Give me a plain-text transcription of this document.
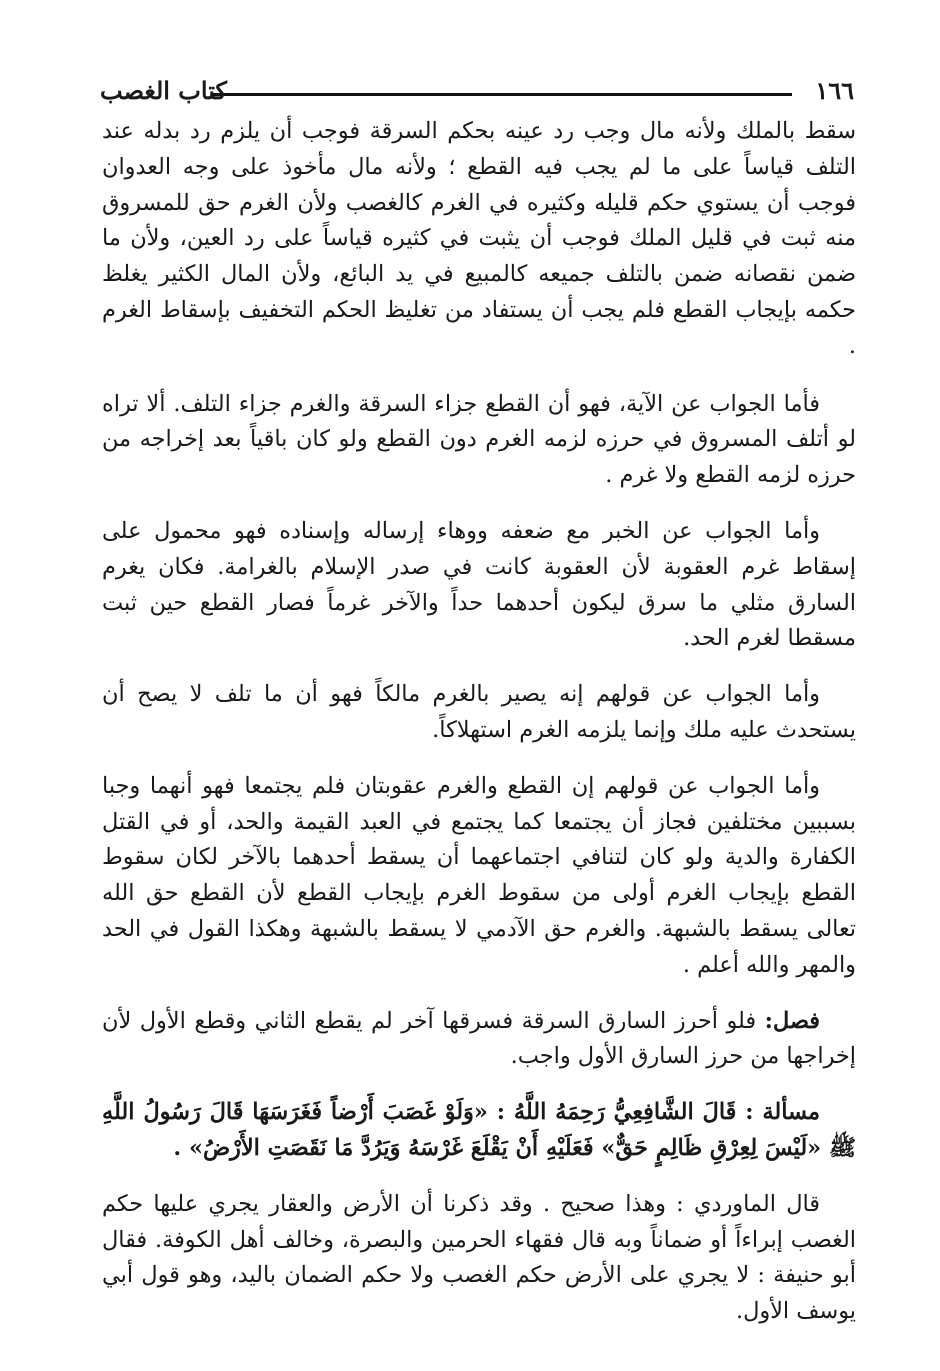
١٦٦
كتاب الغصب

سقط بالملك ولأنه مال وجب رد عينه بحكم السرقة فوجب أن يلزم رد بدله عند التلف قياساً على ما لم يجب فيه القطع ؛ ولأنه مال مأخوذ على وجه العدوان فوجب أن يستوي حكم قليله وكثيره في الغرم كالغصب ولأن الغرم حق للمسروق منه ثبت في قليل الملك فوجب أن يثبت في كثيره قياساً على رد العين، ولأن ما ضمن نقصانه ضمن بالتلف جميعه كالمبيع في يد البائع، ولأن المال الكثير يغلظ حكمه بإيجاب القطع فلم يجب أن يستفاد من تغليظ الحكم التخفيف بإسقاط الغرم .

فأما الجواب عن الآية، فهو أن القطع جزاء السرقة والغرم جزاء التلف. ألا تراه لو أتلف المسروق في حرزه لزمه الغرم دون القطع ولو كان باقياً بعد إخراجه من حرزه لزمه القطع ولا غرم .

وأما الجواب عن الخبر مع ضعفه ووهاء إرساله وإسناده فهو محمول على إسقاط غرم العقوبة لأن العقوبة كانت في صدر الإسلام بالغرامة. فكان يغرم السارق مثلي ما سرق ليكون أحدهما حداً والآخر غرماً فصار القطع حين ثبت مسقطا لغرم الحد.

وأما الجواب عن قولهم إنه يصير بالغرم مالكاً فهو أن ما تلف لا يصح أن يستحدث عليه ملك وإنما يلزمه الغرم استهلاكاً.

وأما الجواب عن قولهم إن القطع والغرم عقوبتان فلم يجتمعا فهو أنهما وجبا بسببين مختلفين فجاز أن يجتمعا كما يجتمع في العبد القيمة والحد، أو في القتل الكفارة والدية ولو كان لتنافي اجتماعهما أن يسقط أحدهما بالآخر لكان سقوط القطع بإيجاب الغرم أولى من سقوط الغرم بإيجاب القطع لأن القطع حق الله تعالى يسقط بالشبهة. والغرم حق الآدمي لا يسقط بالشبهة وهكذا القول في الحد والمهر والله أعلم .

فصل: فلو أحرز السارق السرقة فسرقها آخر لم يقطع الثاني وقطع الأول لأن إخراجها من حرز السارق الأول واجب.

مسألة : قَالَ الشَّافِعِيُّ رَحِمَهُ اللَّهُ : «وَلَوْ غَصَبَ أَرْضاً فَغَرَسَهَا قَالَ رَسُولُ اللَّهِ ﷺ «لَيْسَ لِعِرْقِ ظَالِمٍ حَقٌّ» فَعَلَيْهِ أَنْ يَقْلَعَ غَرْسَهُ وَيَرُدَّ مَا نَقَصَتِ الأَرْضُ» .

قال الماوردي : وهذا صحيح . وقد ذكرنا أن الأرض والعقار يجري عليها حكم الغصب إبراءاً أو ضماناً وبه قال فقهاء الحرمين والبصرة، وخالف أهل الكوفة. فقال أبو حنيفة : لا يجري على الأرض حكم الغصب ولا حكم الضمان باليد، وهو قول أبي يوسف الأول.
